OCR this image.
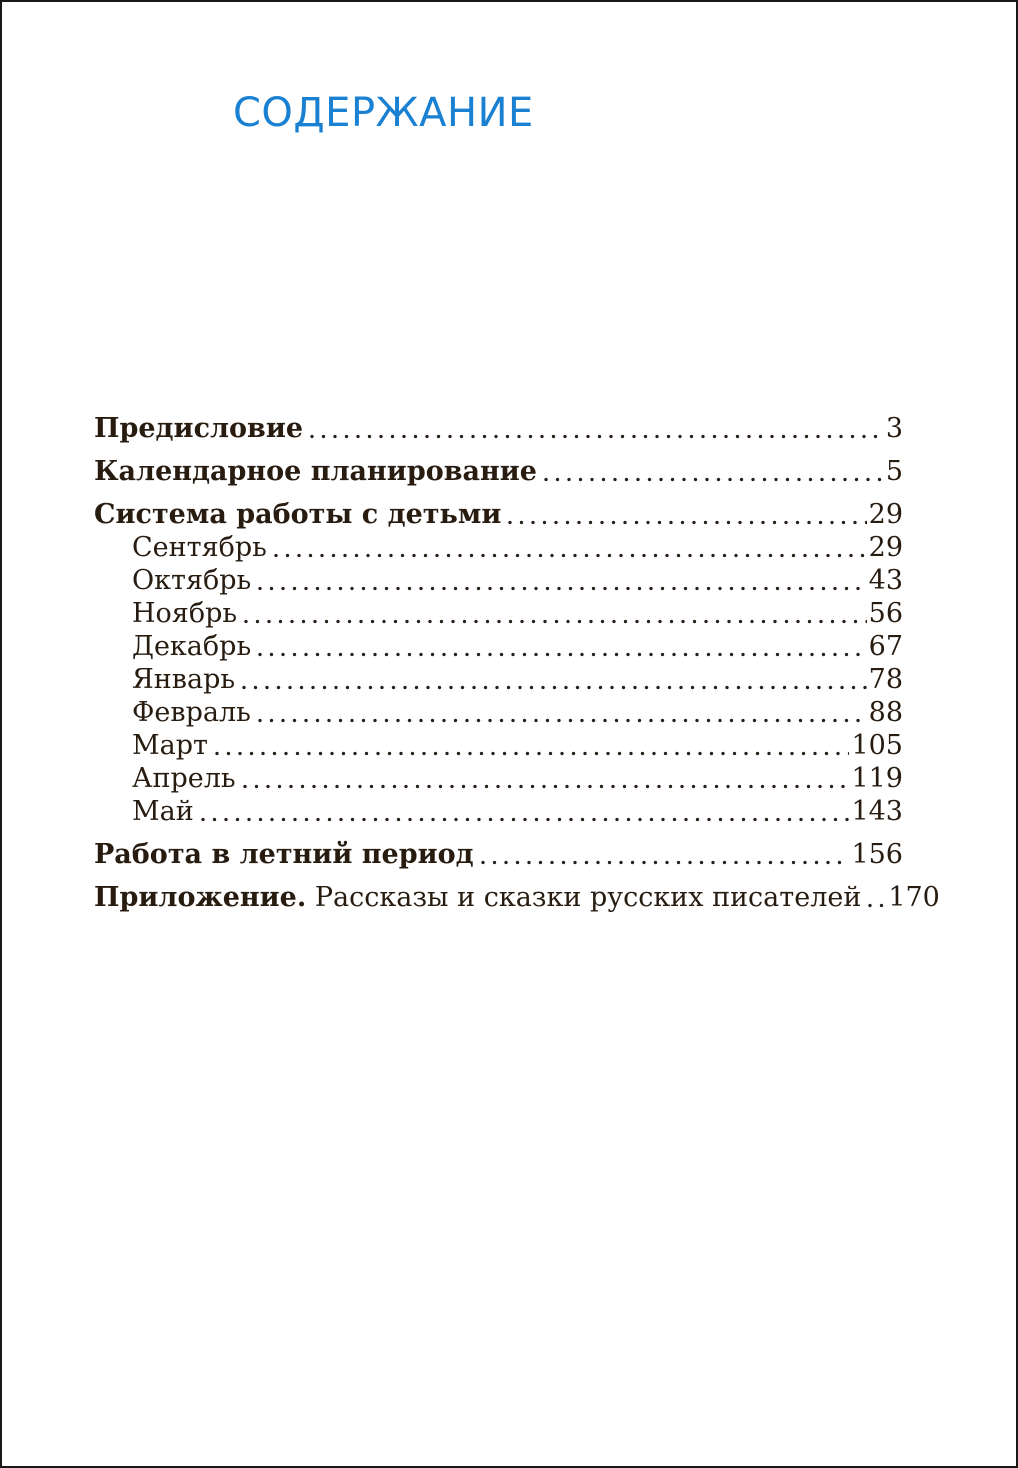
СОДЕРЖАНИЕ
Предисловие	3
Календарное планирование	5
Система работы с детьми	29
Сентябрь	29
Октябрь	43
Ноябрь	56
Декабрь	67
Январь	78
Февраль	88
Март	105
Апрель	119
Май	143
Работа в летний период	156
Приложение. Рассказы и сказки русских писателей 170
